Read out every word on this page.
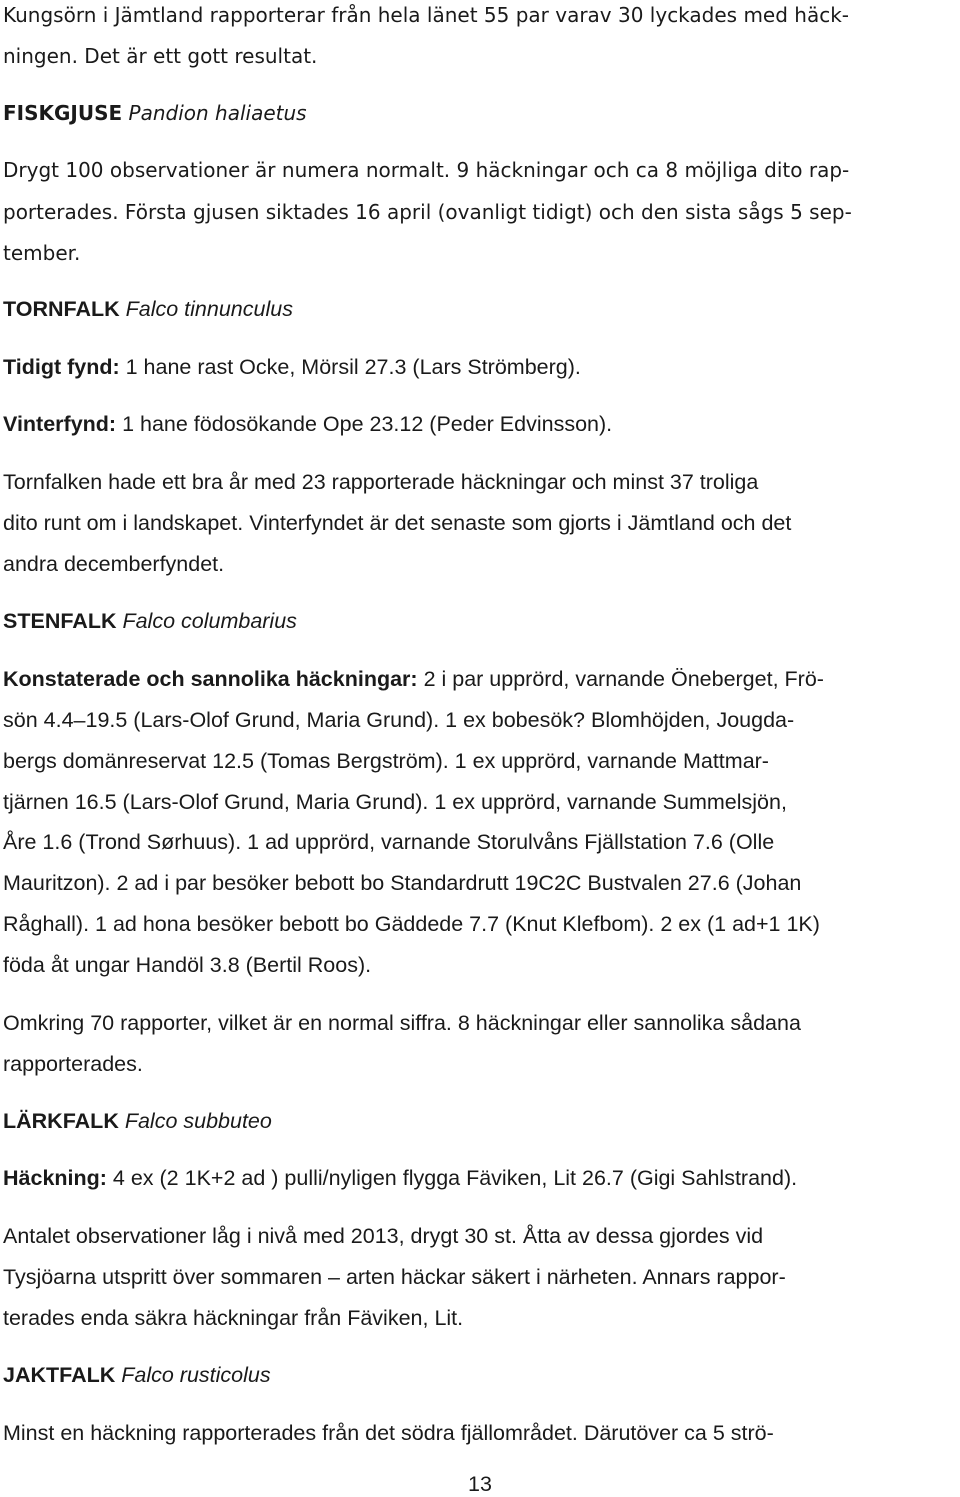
Kungsörn i Jämtland rapporterar från hela länet 55 par varav 30 lyckades med häck-
ningen. Det är ett gott resultat.
FISKGJUSE Pandion haliaetus
Drygt 100 observationer är numera normalt. 9 häckningar och ca 8 möjliga dito rap-
porterades. Första gjusen siktades 16 april (ovanligt tidigt) och den sista sågs 5 sep-
tember.
TORNFALK Falco tinnunculus
Tidigt fynd: 1 hane rast Ocke, Mörsil 27.3 (Lars Strömberg).
Vinterfynd: 1 hane födosökande Ope 23.12 (Peder Edvinsson).
Tornfalken hade ett bra år med 23 rapporterade häckningar och minst 37 troliga
dito runt om i landskapet. Vinterfyndet är det senaste som gjorts i Jämtland och det
andra decemberfyndet.
STENFALK Falco columbarius
Konstaterade och sannolika häckningar: 2 i par upprörd, varnande Öneberget, Frö-
sön 4.4–19.5 (Lars-Olof Grund, Maria Grund). 1 ex bobesök? Blomhöjden, Jougda-
bergs domänreservat 12.5 (Tomas Bergström). 1 ex upprörd, varnande Mattmar-
tjärnen 16.5 (Lars-Olof Grund, Maria Grund). 1 ex upprörd, varnande Summelsjön,
Åre 1.6 (Trond Sørhuus). 1 ad upprörd, varnande Storulvåns Fjällstation 7.6 (Olle
Mauritzon). 2 ad i par besöker bebott bo Standardrutt 19C2C Bustvalen 27.6 (Johan
Råghall). 1 ad hona besöker bebott bo Gäddede 7.7 (Knut Klefbom). 2 ex (1 ad+1 1K)
föda åt ungar Handöl 3.8 (Bertil Roos).
Omkring 70 rapporter, vilket är en normal siffra. 8 häckningar eller sannolika sådana
rapporterades.
LÄRKFALK Falco subbuteo
Häckning: 4 ex (2 1K+2 ad ) pulli/nyligen flygga Fäviken, Lit 26.7 (Gigi Sahlstrand).
Antalet observationer låg i nivå med 2013, drygt 30 st. Åtta av dessa gjordes vid
Tysjöarna utspritt över sommaren – arten häckar säkert i närheten. Annars rappor-
terades enda säkra häckningar från Fäviken, Lit.
JAKTFALK Falco rusticolus
Minst en häckning rapporterades från det södra fjällområdet. Därutöver ca 5 strö-
13
